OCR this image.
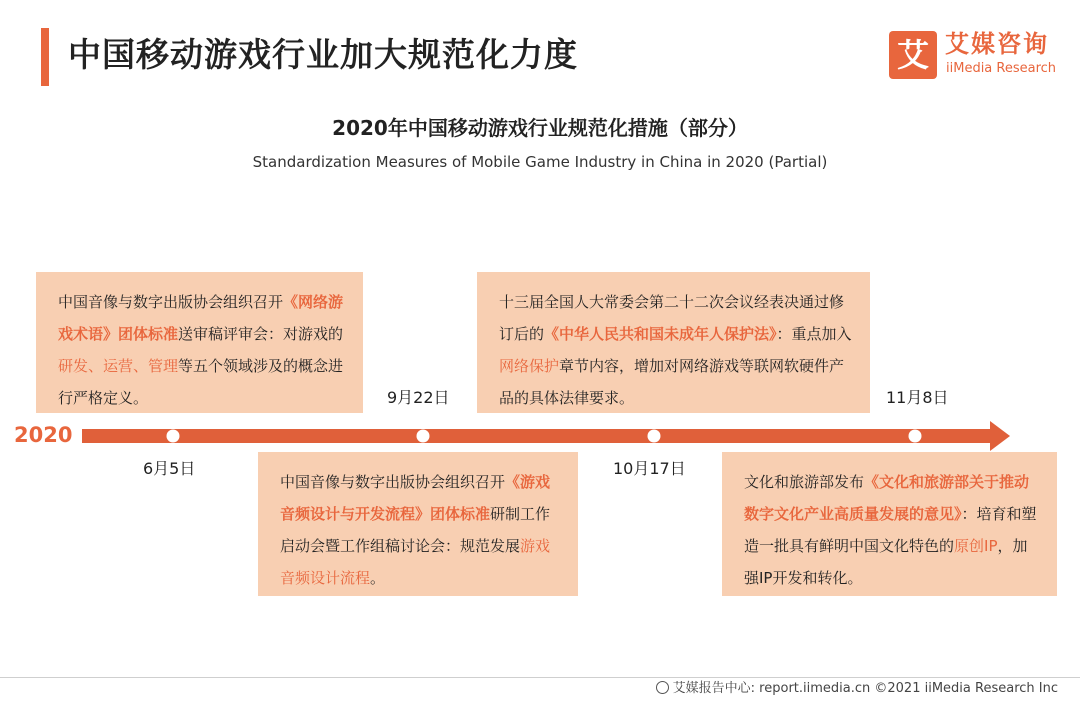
中国移动游戏行业加大规范化力度	艾 艾媒咨询
iiMedia Research
2020年中国移动游戏行业规范化措施（部分）
Standardization Measures of Mobile Game Industry in China in 2020 (Partial)
2020
6月5日
9月22日
10月17日
11月8日
中国音像与数字出版协会组织召开《网络游戏术语》团体标准送审稿评审会：对游戏的研发、运营、管理等五个领域涉及的概念进行严格定义。
中国音像与数字出版协会组织召开《游戏音频设计与开发流程》团体标准研制工作启动会暨工作组稿讨论会：规范发展游戏音频设计流程。
十三届全国人大常委会第二十二次会议经表决通过修订后的《中华人民共和国未成年人保护法》：重点加入网络保护章节内容，增加对网络游戏等联网软硬件产品的具体法律要求。
文化和旅游部发布《文化和旅游部关于推动数字文化产业高质量发展的意见》：培育和塑造一批具有鲜明中国文化特色的原创IP，加强IP开发和转化。
艾媒报告中心: report.iimedia.cn ©2021 iiMedia Research Inc
